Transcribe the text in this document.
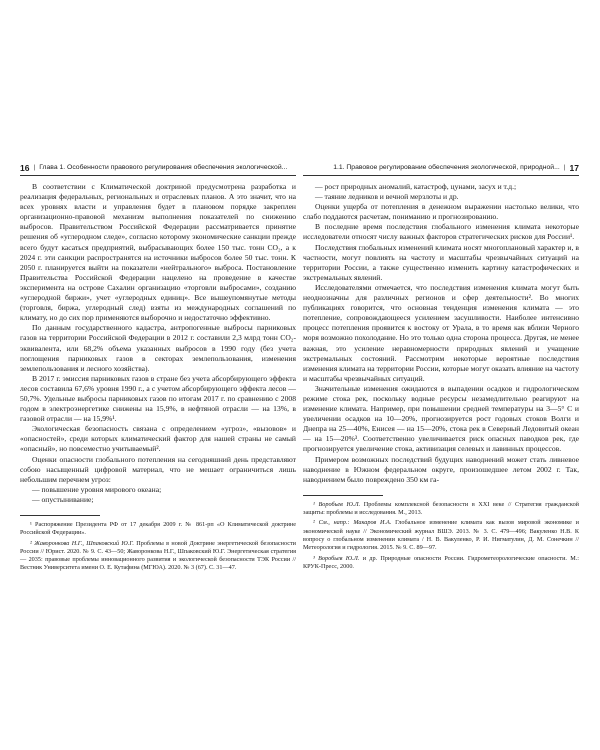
16 | Глава 1. Особенности правового регулирования обеспечения экологической...

В соответствии с Климатической доктриной предусмотрена разработка и реализация федеральных, региональных и отраслевых планов. А это значит, что на всех уровнях власти и управления будет в плановом порядке закреплен организационно-правовой механизм выполнения показателей по снижению выбросов. Правительством Российской Федерации рассматривается принятие решения об «углеродном следе», согласно которому экономические санкции прежде всего будут касаться предприятий, выбрасывающих более 150 тыс. тонн CO₂, а к 2024 г. эти санкции распространятся на источники выбросов более 50 тыс. тонн. К 2050 г. планируется выйти на показатели «нейтрального» выброса. Постановление Правительства Российской Федерации нацелено на проведение в качестве эксперимента на острове Сахалин организацию «торговли выбросами», созданию «углеродной биржи», учет «углеродных единиц». Все вышеупомянутые методы (торговля, биржа, углеродный след) взяты из международных соглашений по климату, но до сих пор применяются выборочно и недостаточно эффективно.

По данным государственного кадастра, антропогенные выбросы парниковых газов на территории Российской Федерации в 2012 г. составили 2,3 млрд тонн CO₂-эквивалента, или 68,2% объема указанных выбросов в 1990 году (без учета поглощения парниковых газов в секторах землепользования, изменения землепользования и лесного хозяйства).

В 2017 г. эмиссия парниковых газов в стране без учета абсорбирующего эффекта лесов составила 67,6% уровня 1990 г., а с учетом абсорбирующего эффекта лесов — 50,7%. Удельные выбросы парниковых газов по итогам 2017 г. по сравнению с 2008 годом в электроэнергетике снижены на 15,9%, в нефтяной отрасли — на 13%, в газовой отрасли — на 15,9%¹.

Экологическая безопасность связана с определением «угроз», «вызовов» и «опасностей», среди которых климатический фактор для нашей страны не самый «опасный», но повсеместно учитываемый².

Оценки опасности глобального потепления на сегодняшний день представляют собою насыщенный цифровой материал, что не мешает ограничиться лишь небольшим перечнем угроз:

— повышение уровня мирового океана;
— опустынивание;
¹ Распоряжение Президента РФ от 17 декабря 2009 г. № 861-рп «О Климатической доктрине Российской Федерации».
² Жаворонкова Н.Г., Шпаковский Ю.Г. Проблемы в новой Доктрине энергетической безопасности России // Юрист. 2020. № 9. С. 43—50; Жаворонкова Н.Г., Шпаковский Ю.Г. Энергетическая стратегия — 2035: правовые проблемы инновационного развития и экологической безопасности ТЭК России // Вестник Университета имени О. Е. Кутафина (МГЮА). 2020. № 3 (67). С. 31—47.
1.1. Правовое регулирование обеспечения экологической, природной... | 17
— рост природных аномалий, катастроф, цунами, засух и т.д.;
— таяние ледников и вечной мерзлоты и др.

Оценки ущерба от потепления в денежном выражении настолько велики, что слабо поддаются расчетам, пониманию и прогнозированию.

В последние время последствия глобального изменения климата некоторые исследователи относят числу важных факторов стратегических рисков для России¹.

Последствия глобальных изменений климата носят многоплановый характер и, в частности, могут повлиять на частоту и масштабы чрезвычайных ситуаций на территории России, а также существенно изменить картину катастрофических и экстремальных явлений.

Исследователями отмечается, что последствия изменения климата могут быть неоднозначны для различных регионов и сфер деятельности². Во многих публикациях говорится, что основная тенденция изменения климата — это потепление, сопровождающееся усилением засушливости. Наиболее интенсивно процесс потепления проявится к востоку от Урала, в то время как вблизи Черного моря возможно похолодание. Но это только одна сторона процесса. Другая, не менее важная, это усиление неравномерности природных явлений и учащение экстремальных состояний. Рассмотрим некоторые вероятные последствия изменения климата на территории России, которые могут оказать влияние на частоту и масштабы чрезвычайных ситуаций.

Значительные изменения ожидаются в выпадении осадков и гидрологическом режиме стока рек, поскольку водные ресурсы незамедлительно реагируют на изменение климата. Например, при повышении средней температуры на 3—5° С и увеличении осадков на 10—20%, прогнозируется рост годовых стоков Волги и Днепра на 25—40%, Енисея — на 15—20%, стока рек в Северный Ледовитый океан — на 15—20%³. Соответственно увеличивается риск опасных паводков рек, где прогнозируется увеличение стока, активизация селевых и лавинных процессов.

Примером возможных последствий будущих наводнений может стать ливневое наводнение в Южном федеральном округе, произошедшее летом 2002 г. Так, наводнением было повреждено 350 км га-

¹ Воробьев Ю.Л. Проблемы комплексной безопасности в XXI веке // Стратегия гражданской защиты: проблемы и исследования. М., 2013.
² См., напр.: Макаров И.А. Глобальное изменение климата как вызов мировой экономике и экономической науке // Экономический журнал ВШЭ. 2013. № 3. С. 479—496; Вакуленко Н.В. К вопросу о глобальном изменении климата / Н. В. Вакуленко, Р. И. Нигматулин, Д. М. Сонечкин // Метеорология и гидрология. 2015. № 9. С. 89—97.
³ Воробьев Ю.Л. и др. Природные опасности России. Гидрометеорологические опасности. М.: КРУК-Пресс, 2000.
